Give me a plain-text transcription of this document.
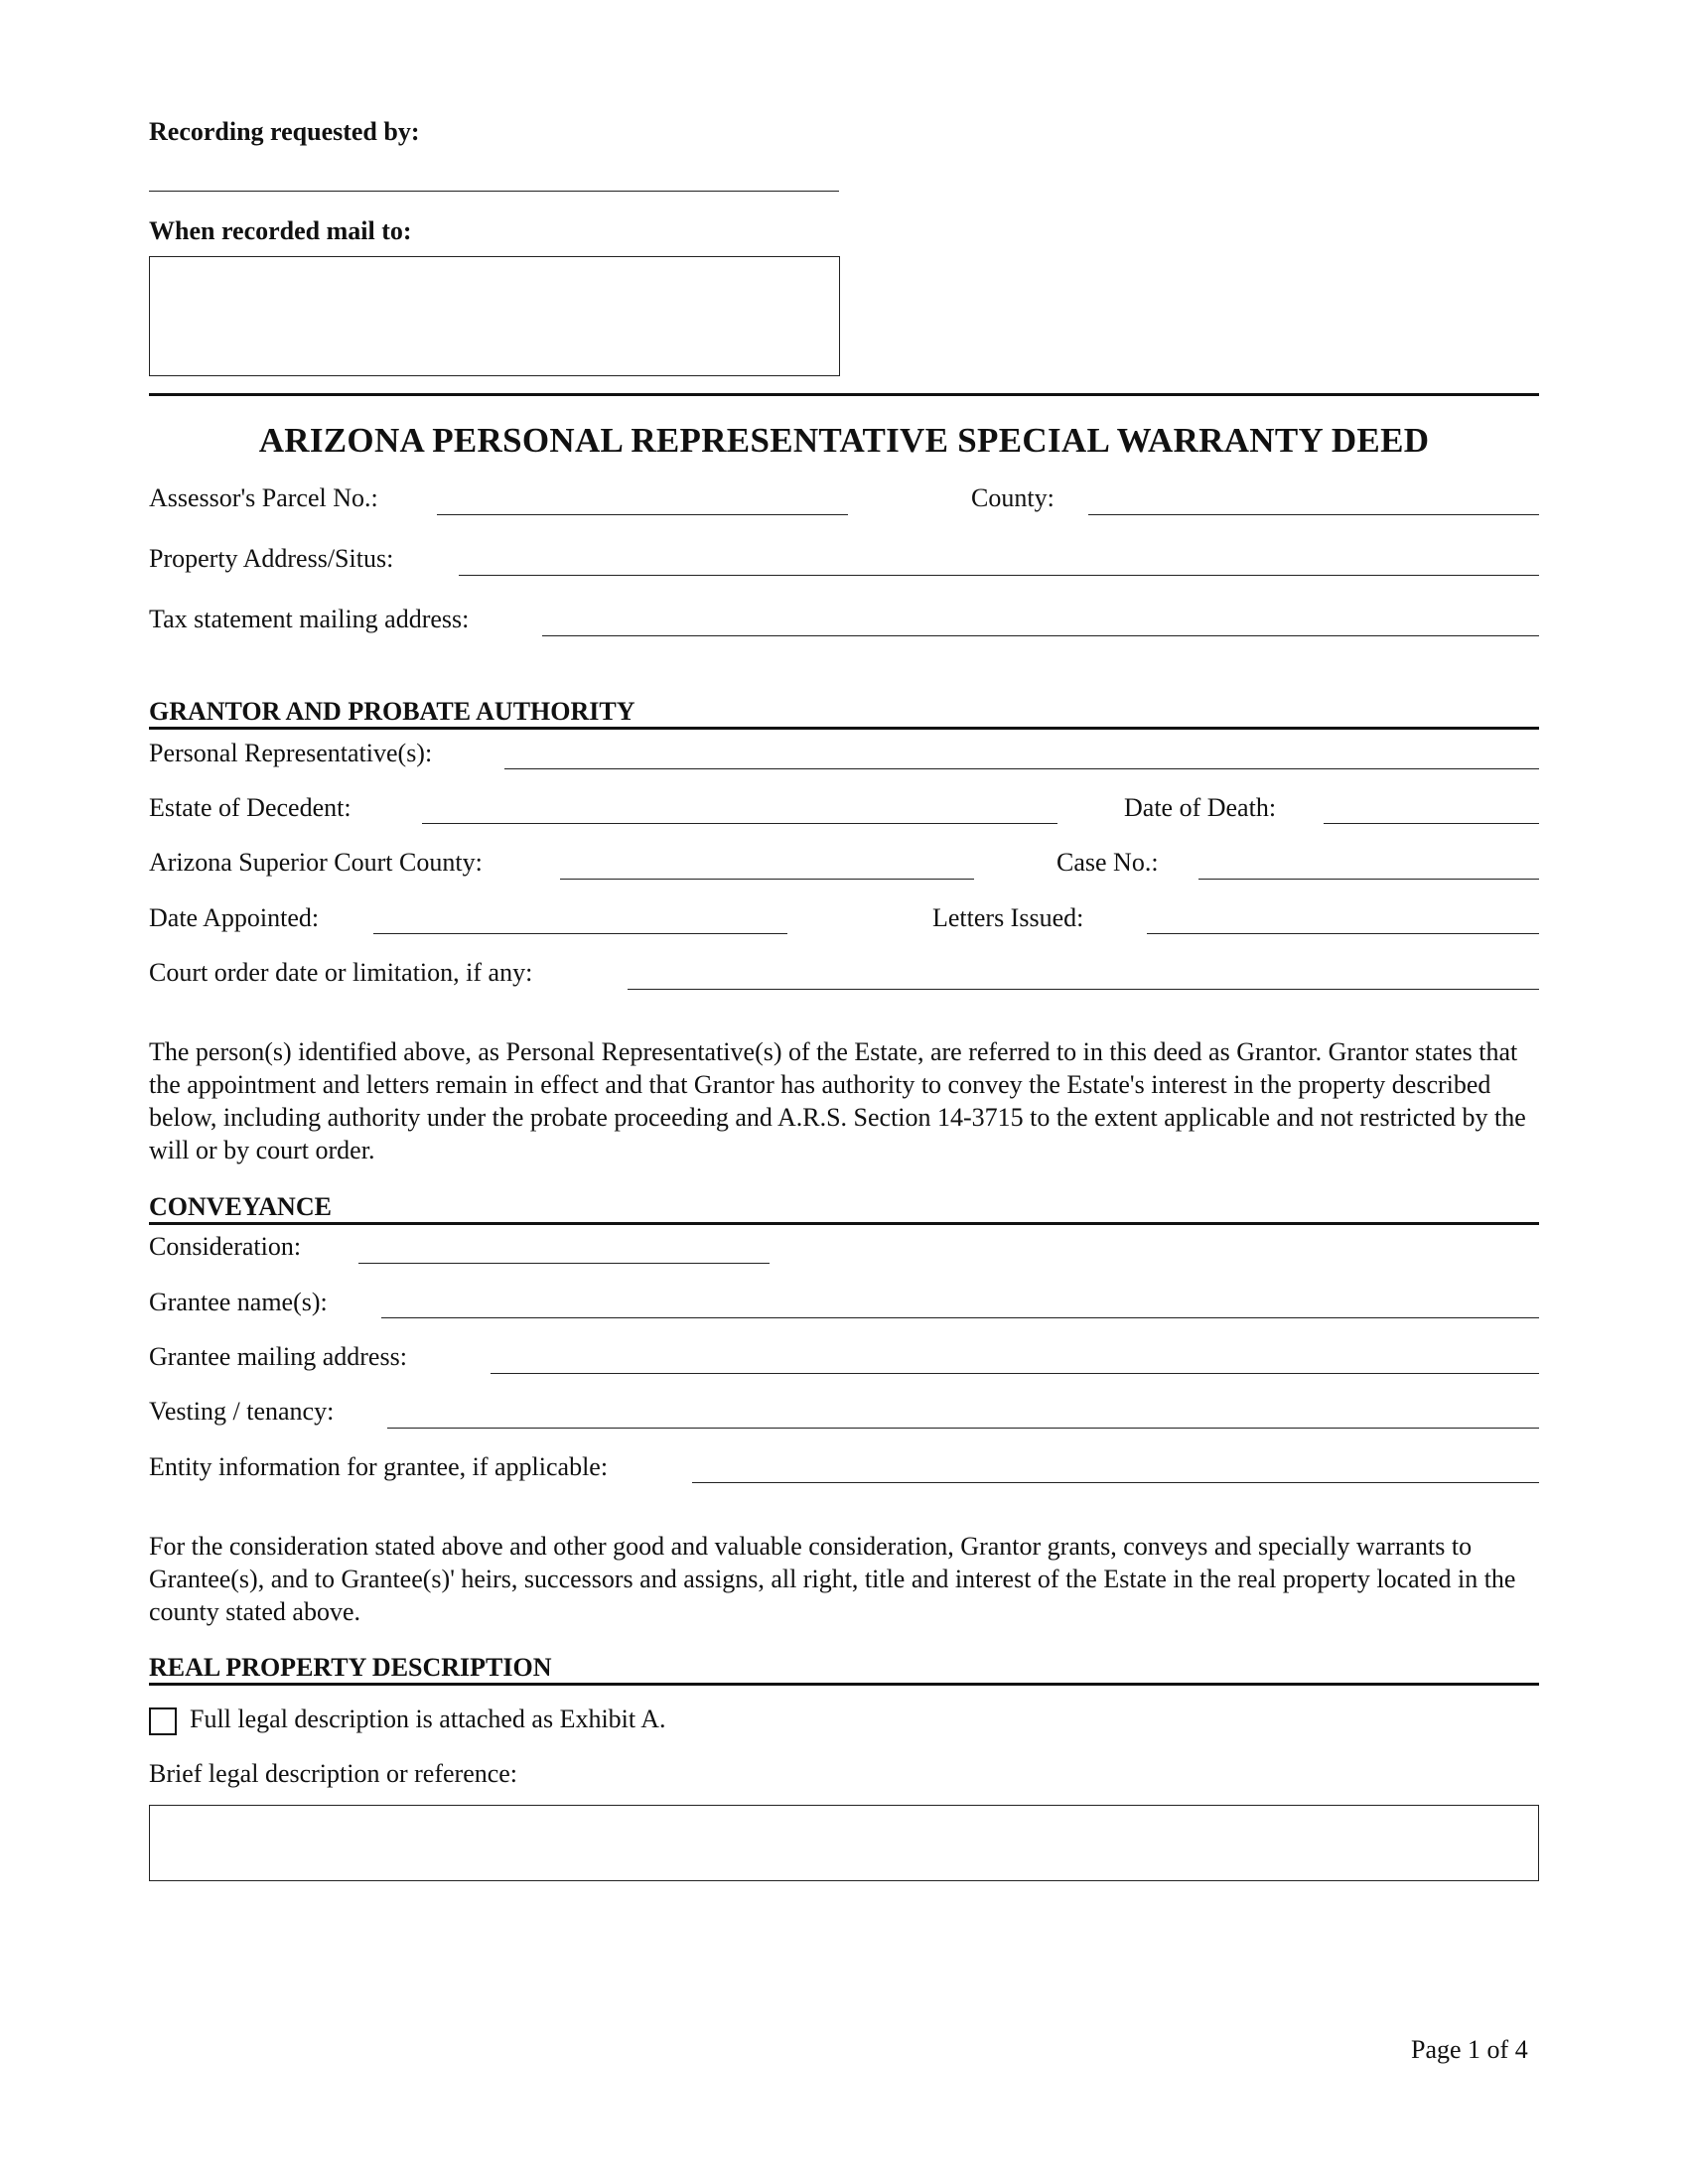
Recording requested by:
When recorded mail to:
ARIZONA PERSONAL REPRESENTATIVE SPECIAL WARRANTY DEED
Assessor's Parcel No.:	County:
Property Address/Situs:
Tax statement mailing address:
GRANTOR AND PROBATE AUTHORITY
Personal Representative(s):
Estate of Decedent:	Date of Death:
Arizona Superior Court County:	Case No.:
Date Appointed:	Letters Issued:
Court order date or limitation, if any:
The person(s) identified above, as Personal Representative(s) of the Estate, are referred to in this deed as Grantor. Grantor states that the appointment and letters remain in effect and that Grantor has authority to convey the Estate's interest in the property described below, including authority under the probate proceeding and A.R.S. Section 14-3715 to the extent applicable and not restricted by the will or by court order.
CONVEYANCE
Consideration:
Grantee name(s):
Grantee mailing address:
Vesting / tenancy:
Entity information for grantee, if applicable:
For the consideration stated above and other good and valuable consideration, Grantor grants, conveys and specially warrants to Grantee(s), and to Grantee(s)' heirs, successors and assigns, all right, title and interest of the Estate in the real property located in the county stated above.
REAL PROPERTY DESCRIPTION
Full legal description is attached as Exhibit A.
Brief legal description or reference:
Page 1 of 4
